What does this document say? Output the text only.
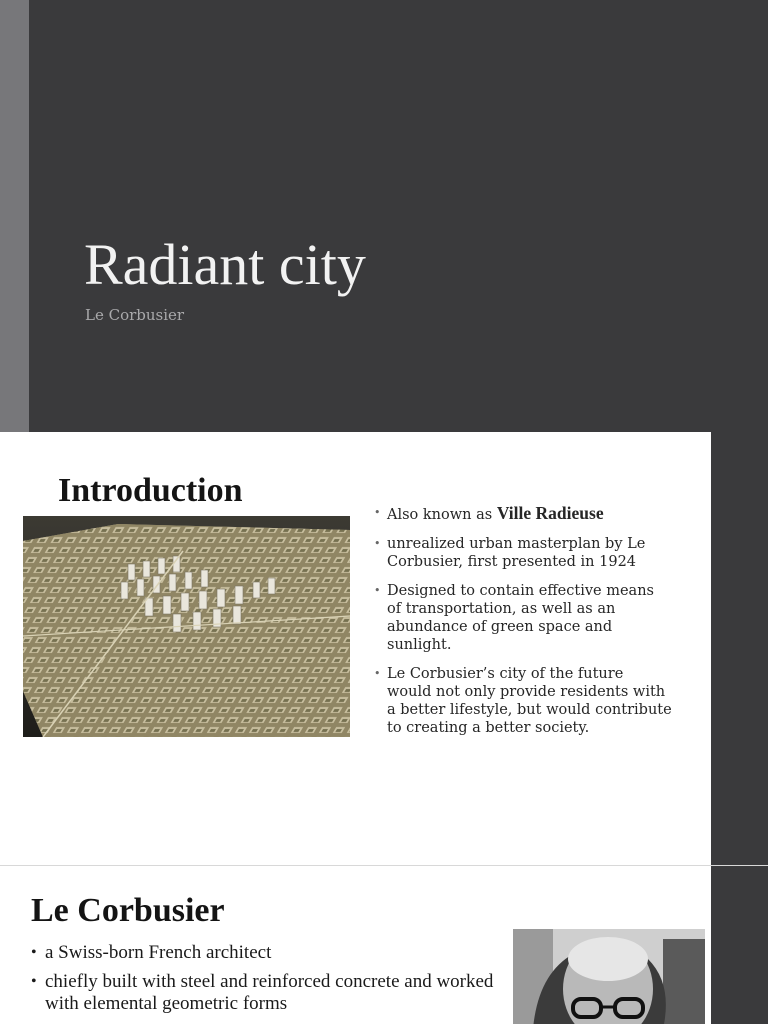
Radiant city
Le Corbusier
Introduction
• Also known as Ville Radieuse
• unrealized urban masterplan by Le Corbusier, first presented in 1924
• Designed to contain effective means of transportation, as well as an abundance of green space and sunlight.
• Le Corbusier’s city of the future would not only provide residents with a better lifestyle, but would contribute to creating a better society.
Le Corbusier
• a Swiss-born French architect
• chiefly built with steel and reinforced concrete and worked with elemental geometric forms
